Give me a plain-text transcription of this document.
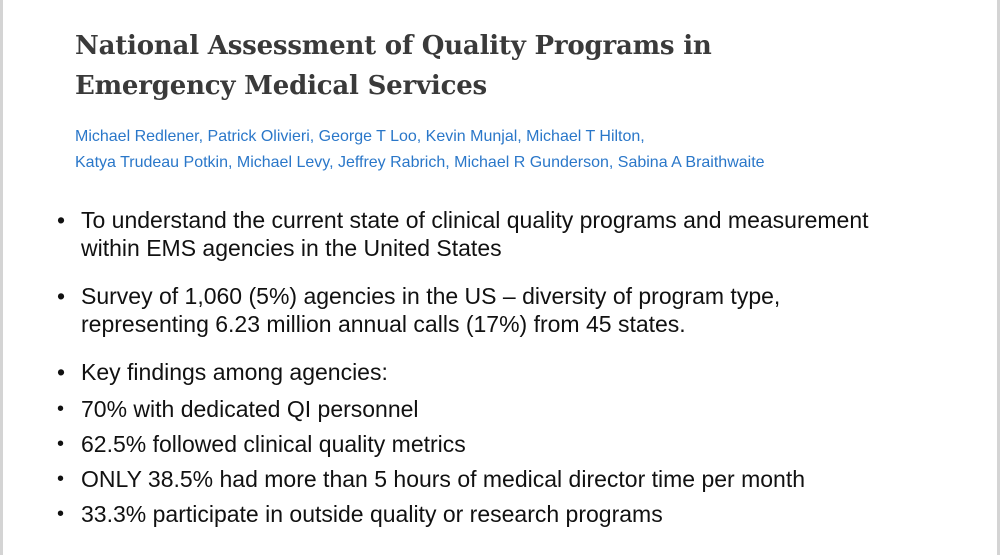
National Assessment of Quality Programs in
Emergency Medical Services

Michael Redlener, Patrick Olivieri, George T Loo, Kevin Munjal, Michael T Hilton,
Katya Trudeau Potkin, Michael Levy, Jeffrey Rabrich, Michael R Gunderson, Sabina A Braithwaite

• To understand the current state of clinical quality programs and measurement
within EMS agencies in the United States
• Survey of 1,060 (5%) agencies in the US – diversity of program type,
representing 6.23 million annual calls (17%) from 45 states.
• Key findings among agencies:
• 70% with dedicated QI personnel
• 62.5% followed clinical quality metrics
• ONLY 38.5% had more than 5 hours of medical director time per month
• 33.3% participate in outside quality or research programs
